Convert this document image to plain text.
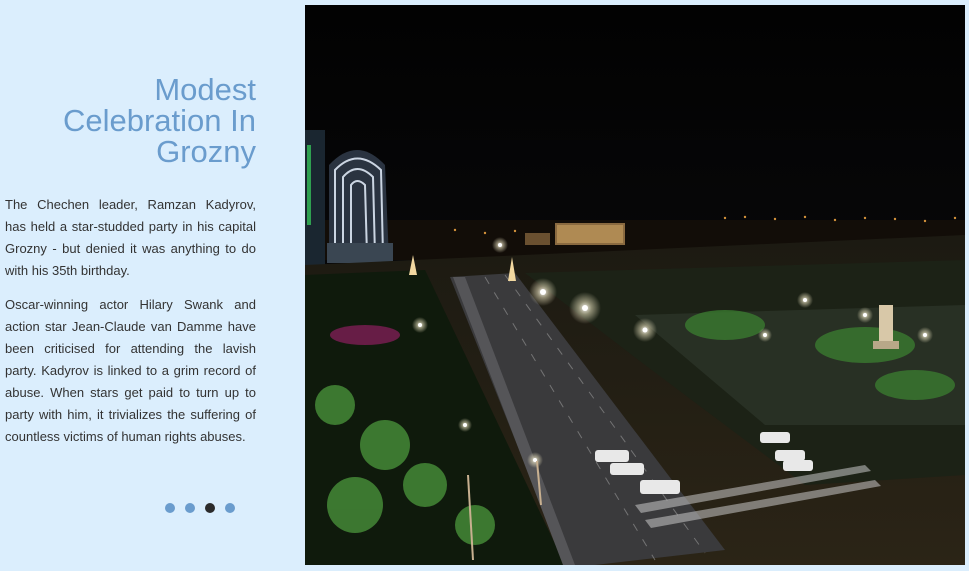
Modest
Celebration In
Grozny

The Chechen leader, Ramzan Kadyrov, has held a star-studded party in his capital Grozny - but denied it was anything to do with his 35th birthday.

Oscar-winning actor Hilary Swank and action star Jean-Claude van Damme have been criticised for attending the lavish party. Kadyrov is linked to a grim record of abuse. When stars get paid to turn up to party with him, it trivializes the suffering of countless victims of human rights abuses.
